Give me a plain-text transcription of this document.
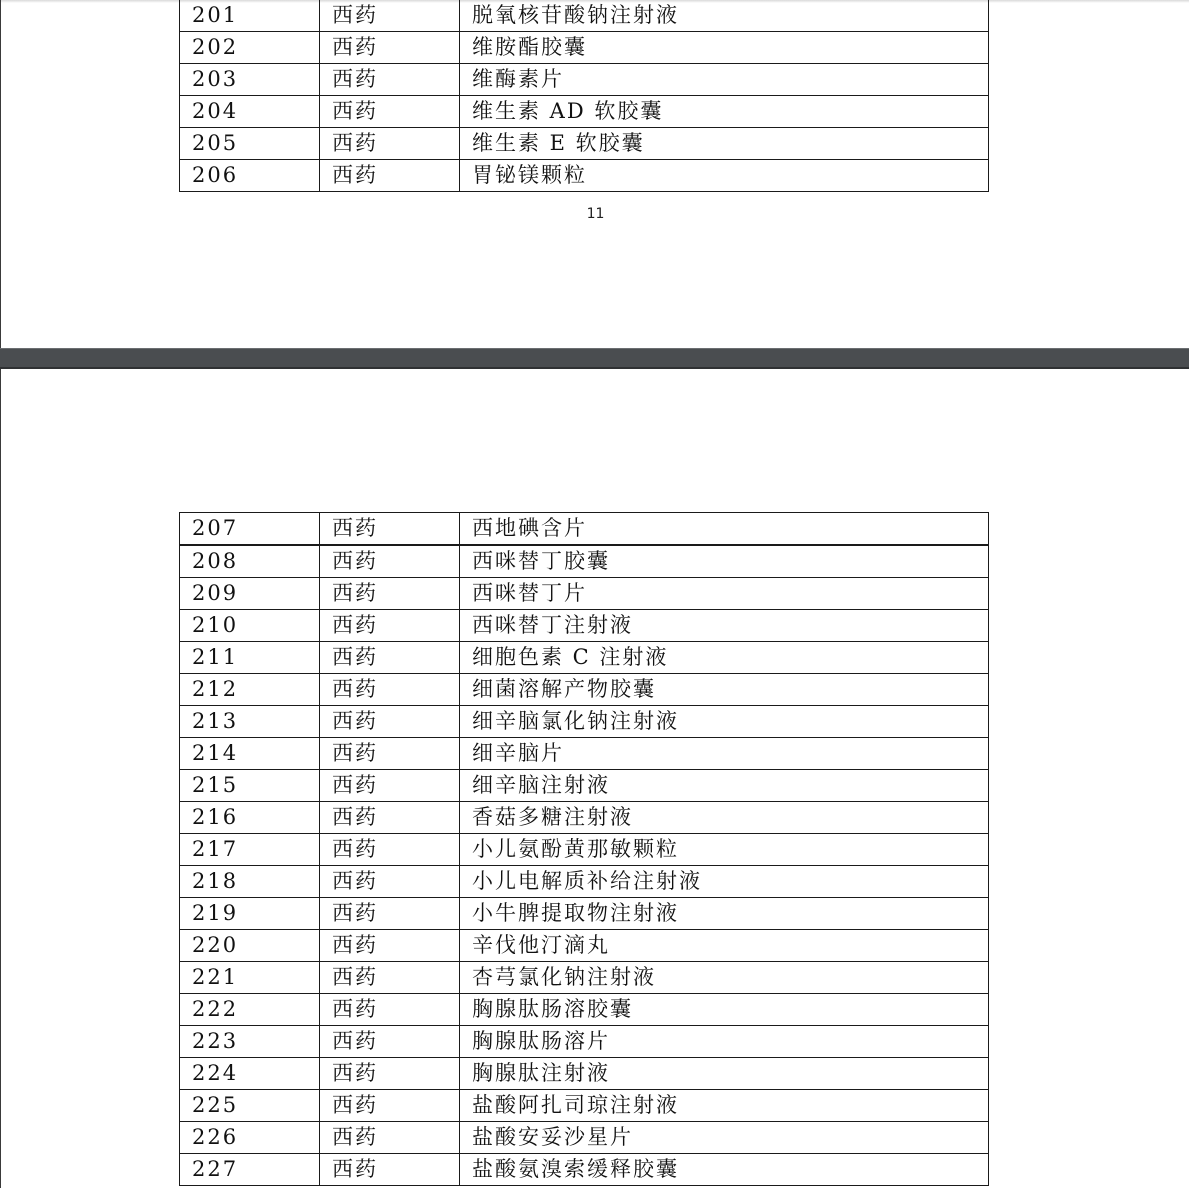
201	西药	脱氧核苷酸钠注射液
202	西药	维胺酯胶囊
203	西药	维酶素片
204	西药	维生素 AD 软胶囊
205	西药	维生素 E 软胶囊
206	西药	胃铋镁颗粒
11
207	西药	西地碘含片
208	西药	西咪替丁胶囊
209	西药	西咪替丁片
210	西药	西咪替丁注射液
211	西药	细胞色素 C 注射液
212	西药	细菌溶解产物胶囊
213	西药	细辛脑氯化钠注射液
214	西药	细辛脑片
215	西药	细辛脑注射液
216	西药	香菇多糖注射液
217	西药	小儿氨酚黄那敏颗粒
218	西药	小儿电解质补给注射液
219	西药	小牛脾提取物注射液
220	西药	辛伐他汀滴丸
221	西药	杏芎氯化钠注射液
222	西药	胸腺肽肠溶胶囊
223	西药	胸腺肽肠溶片
224	西药	胸腺肽注射液
225	西药	盐酸阿扎司琼注射液
226	西药	盐酸安妥沙星片
227	西药	盐酸氨溴索缓释胶囊
